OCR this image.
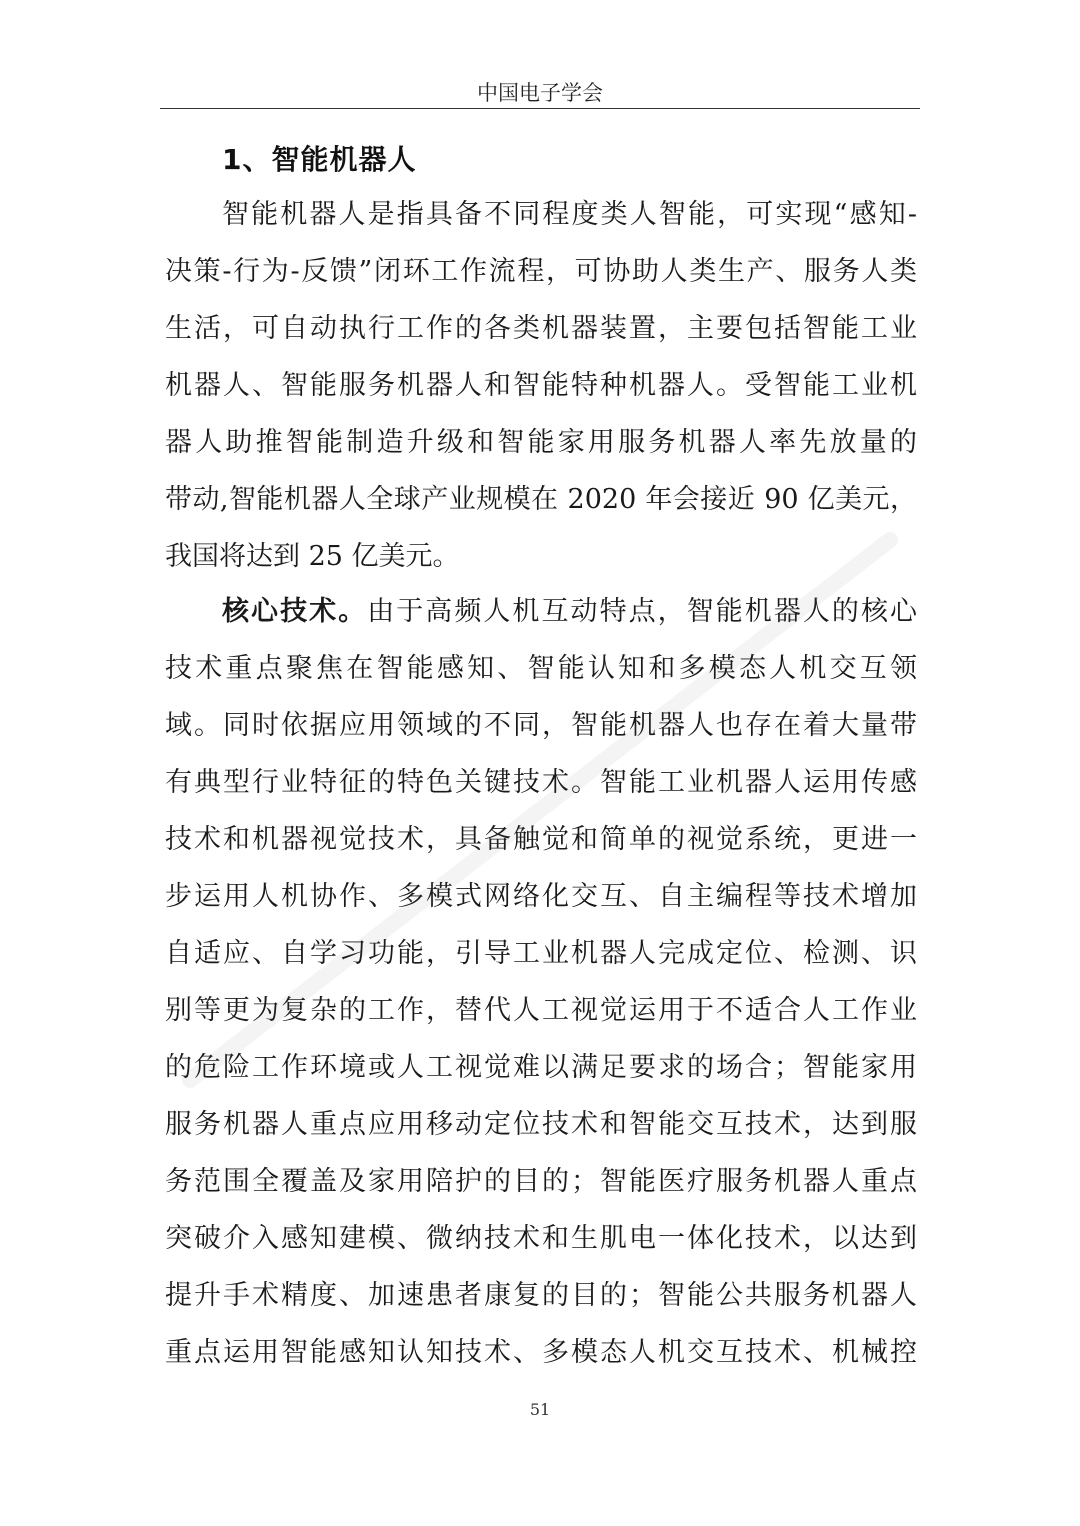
中国电子学会
1、智能机器人
智能机器人是指具备不同程度类人智能，可实现“感知-
决策-行为-反馈”闭环工作流程，可协助人类生产、服务人类
生活，可自动执行工作的各类机器装置，主要包括智能工业
机器人、智能服务机器人和智能特种机器人。受智能工业机
器人助推智能制造升级和智能家用服务机器人率先放量的
带动,智能机器人全球产业规模在 2020 年会接近 90 亿美元，
我国将达到 25 亿美元。
核心技术。由于高频人机互动特点，智能机器人的核心
技术重点聚焦在智能感知、智能认知和多模态人机交互领
域。同时依据应用领域的不同，智能机器人也存在着大量带
有典型行业特征的特色关键技术。智能工业机器人运用传感
技术和机器视觉技术，具备触觉和简单的视觉系统，更进一
步运用人机协作、多模式网络化交互、自主编程等技术增加
自适应、自学习功能，引导工业机器人完成定位、检测、识
别等更为复杂的工作，替代人工视觉运用于不适合人工作业
的危险工作环境或人工视觉难以满足要求的场合；智能家用
服务机器人重点应用移动定位技术和智能交互技术，达到服
务范围全覆盖及家用陪护的目的；智能医疗服务机器人重点
突破介入感知建模、微纳技术和生肌电一体化技术，以达到
提升手术精度、加速患者康复的目的；智能公共服务机器人
重点运用智能感知认知技术、多模态人机交互技术、机械控
51
